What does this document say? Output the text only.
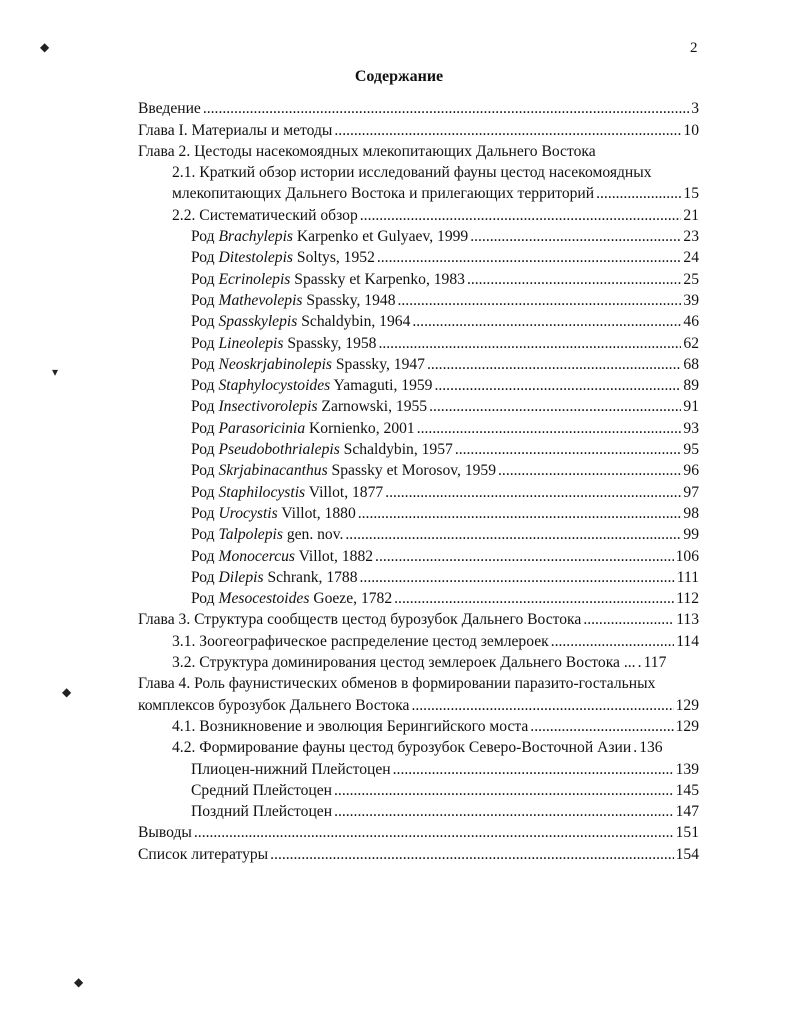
2
Содержание
Введение .....	3
Глава I. Материалы и методы .....	10
Глава 2. Цестоды насекомоядных млекопитающих Дальнего Востока
2.1. Краткий обзор истории исследований фауны цестод насекомоядных
млекопитающих Дальнего Востока и прилегающих территорий .....	15
2.2. Систематический обзор .....	21
Род Brachylepis Karpenko et Gulyaev, 1999 .....	23
Род Ditestolepis Soltys, 1952 .....	24
Род Ecrinolepis Spassky et Karpenko, 1983 .....	25
Род Mathevolepis Spassky, 1948 .....	39
Род Spasskylepis Schaldybin, 1964 .....	46
Род Lineolepis Spassky, 1958 .....	62
Род Neoskrjabinolepis Spassky, 1947 .....	68
Род Staphylocystoides Yamaguti, 1959 .....	89
Род Insectivorolepis Zarnowski, 1955 .....	91
Род Parasoricinia Kornienko, 2001 .....	93
Род Pseudobothrialepis Schaldybin, 1957 .....	95
Род Skrjabinacanthus Spassky et Morosov, 1959 .....	96
Род Staphilocystis Villot, 1877 .....	97
Род Urocystis Villot, 1880 .....	98
Род Talpolepis gen. nov. .....	99
Род Monocercus Villot, 1882 .....	106
Род Dilepis Schrank, 1788 .....	111
Род Mesocestoides Goeze, 1782 .....	112
Глава 3. Структура сообществ цестод бурозубок Дальнего Востока .....	113
3.1. Зоогеографическое распределение цестод землероек .....	114
3.2. Структура доминирования цестод землероек Дальнего Востока ... ..... 117
Глава 4. Роль фаунистических обменов в формировании паразито-гостальных
комплексов бурозубок Дальнего Востока .....	129
4.1. Возникновение и эволюция Берингийского моста .....	129
4.2. Формирование фауны цестод бурозубок Северо-Восточной Азии ..... 136
Плиоцен-нижний Плейстоцен .....	139
Средний Плейстоцен .....	145
Поздний Плейстоцен .....	147
Выводы .....	151
Список литературы .....	154
◆
▾
◆
◆
